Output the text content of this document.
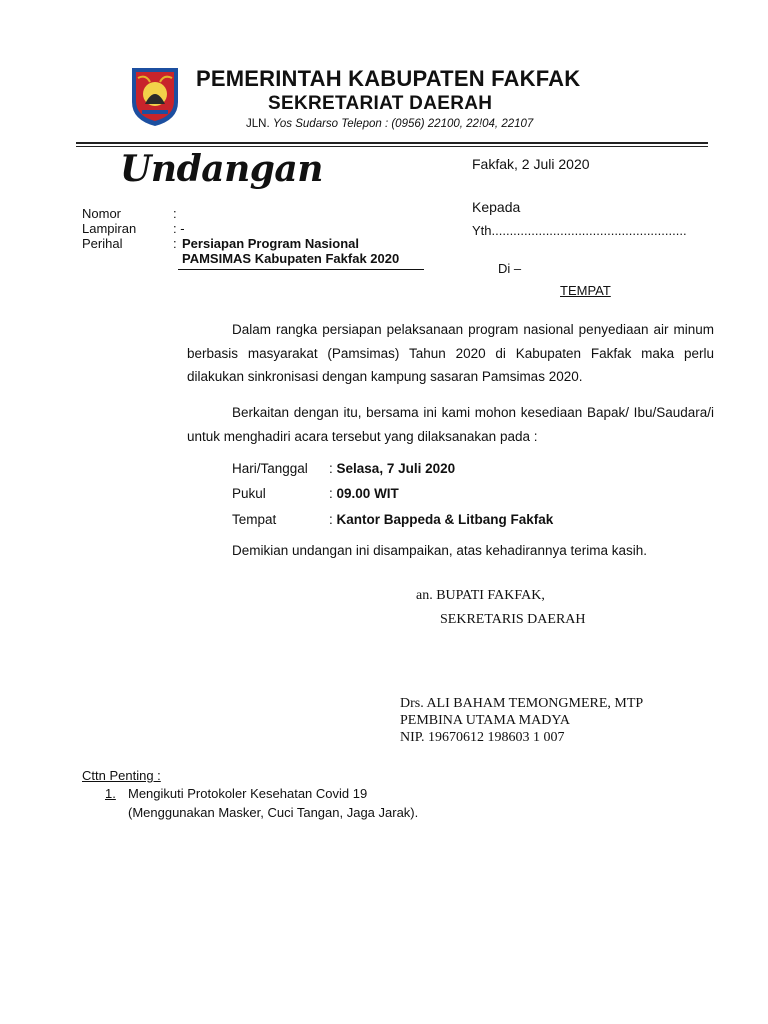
PEMERINTAH KABUPATEN FAKFAK
SEKRETARIAT DAERAH
JLN. Yos Sudarso Telepon : (0956) 22100, 22!04, 22107
Undangan	Fakfak, 2 Juli 2020
Kepada
Yth......................................................
Di –
TEMPAT
Nomor	:
Lampiran	: -
Perihal	: Persiapan Program Nasional
PAMSIMAS Kabupaten Fakfak 2020
Dalam rangka persiapan pelaksanaan program nasional penyediaan air minum berbasis masyarakat (Pamsimas) Tahun 2020 di Kabupaten Fakfak maka perlu dilakukan sinkronisasi dengan kampung sasaran Pamsimas 2020.
Berkaitan dengan itu, bersama ini kami mohon kesediaan Bapak/ Ibu/Saudara/i untuk menghadiri acara tersebut yang dilaksanakan pada :
Hari/Tanggal : Selasa, 7 Juli 2020
Pukul	: 09.00 WIT
Tempat	: Kantor Bappeda & Litbang Fakfak
Demikian undangan ini disampaikan, atas kehadirannya terima kasih.
an. BUPATI FAKFAK,
SEKRETARIS DAERAH
Drs. ALI BAHAM TEMONGMERE, MTP
PEMBINA UTAMA MADYA
NIP. 19670612 198603 1 007
Cttn Penting :
1. Mengikuti Protokoler Kesehatan Covid 19
(Menggunakan Masker, Cuci Tangan, Jaga Jarak).
